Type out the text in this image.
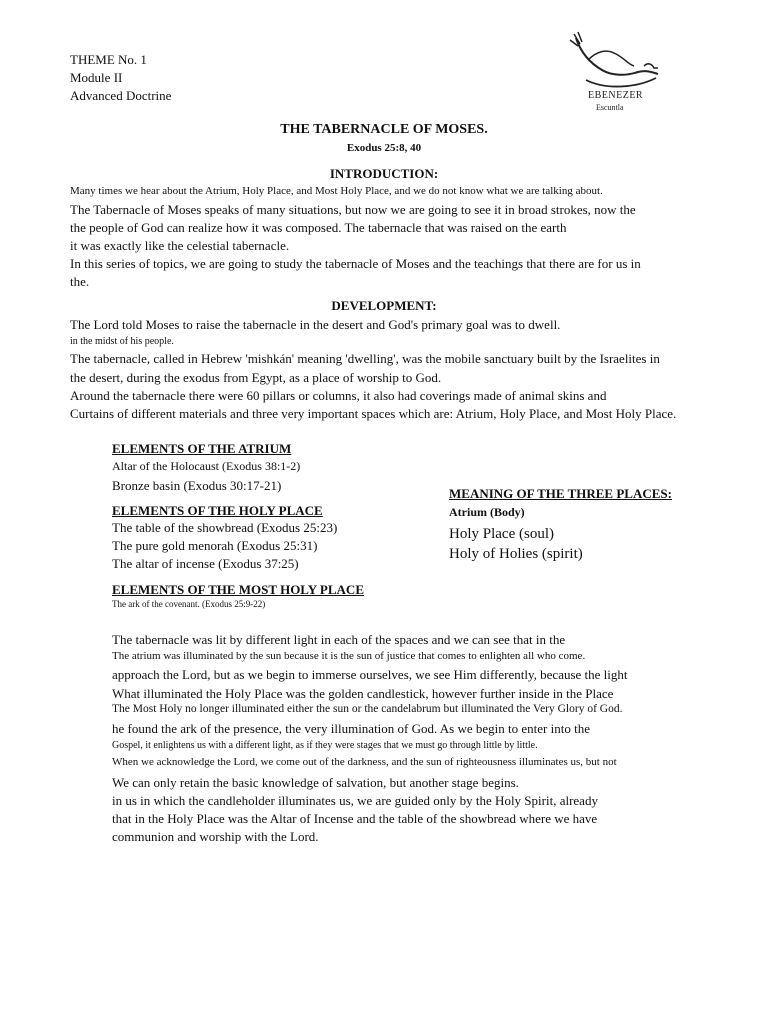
THEME No. 1
Module II
Advanced Doctrine	EBENEZER
Escuntla
THE TABERNACLE OF MOSES.
Exodus 25:8, 40
INTRODUCTION:
Many times we hear about the Atrium, Holy Place, and Most Holy Place, and we do not know what we are talking about.
The Tabernacle of Moses speaks of many situations, but now we are going to see it in broad strokes, now the
the people of God can realize how it was composed. The tabernacle that was raised on the earth
it was exactly like the celestial tabernacle.
In this series of topics, we are going to study the tabernacle of Moses and the teachings that there are for us in
the.
DEVELOPMENT:
The Lord told Moses to raise the tabernacle in the desert and God's primary goal was to dwell.
in the midst of his people.
The tabernacle, called in Hebrew 'mishkán' meaning 'dwelling', was the mobile sanctuary built by the Israelites in
the desert, during the exodus from Egypt, as a place of worship to God.
Around the tabernacle there were 60 pillars or columns, it also had coverings made of animal skins and
Curtains of different materials and three very important spaces which are: Atrium, Holy Place, and Most Holy Place.
ELEMENTS OF THE ATRIUM
Altar of the Holocaust (Exodus 38:1-2)
Bronze basin (Exodus 30:17-21)
ELEMENTS OF THE HOLY PLACE
The table of the showbread (Exodus 25:23)
The pure gold menorah (Exodus 25:31)
The altar of incense (Exodus 37:25)
ELEMENTS OF THE MOST HOLY PLACE
The ark of the covenant. (Exodus 25:9-22)
MEANING OF THE THREE PLACES:
Atrium (Body)
Holy Place (soul)
Holy of Holies (spirit)
The tabernacle was lit by different light in each of the spaces and we can see that in the
The atrium was illuminated by the sun because it is the sun of justice that comes to enlighten all who come.
approach the Lord, but as we begin to immerse ourselves, we see Him differently, because the light
What illuminated the Holy Place was the golden candlestick, however further inside in the Place
The Most Holy no longer illuminated either the sun or the candelabrum but illuminated the Very Glory of God.
he found the ark of the presence, the very illumination of God. As we begin to enter into the
Gospel, it enlightens us with a different light, as if they were stages that we must go through little by little.
When we acknowledge the Lord, we come out of the darkness, and the sun of righteousness illuminates us, but not
We can only retain the basic knowledge of salvation, but another stage begins.
in us in which the candleholder illuminates us, we are guided only by the Holy Spirit, already
that in the Holy Place was the Altar of Incense and the table of the showbread where we have
communion and worship with the Lord.
